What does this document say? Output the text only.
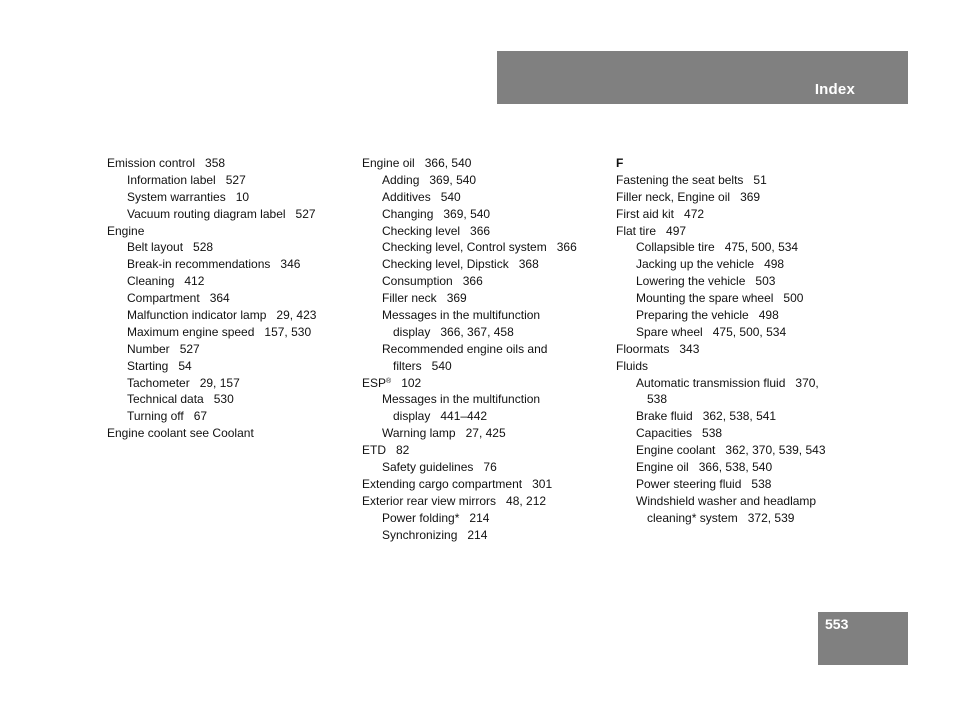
Index
Emission control 358
Information label 527
System warranties 10
Vacuum routing diagram label 527
Engine
Belt layout 528
Break-in recommendations 346
Cleaning 412
Compartment 364
Malfunction indicator lamp 29, 423
Maximum engine speed 157, 530
Number 527
Starting 54
Tachometer 29, 157
Technical data 530
Turning off 67
Engine coolant see Coolant
Engine oil 366, 540
Adding 369, 540
Additives 540
Changing 369, 540
Checking level 366
Checking level, Control system 366
Checking level, Dipstick 368
Consumption 366
Filler neck 369
Messages in the multifunction
display 366, 367, 458
Recommended engine oils and
filters 540
ESP® 102
Messages in the multifunction
display 441–442
Warning lamp 27, 425
ETD 82
Safety guidelines 76
Extending cargo compartment 301
Exterior rear view mirrors 48, 212
Power folding* 214
Synchronizing 214
F
Fastening the seat belts 51
Filler neck, Engine oil 369
First aid kit 472
Flat tire 497
Collapsible tire 475, 500, 534
Jacking up the vehicle 498
Lowering the vehicle 503
Mounting the spare wheel 500
Preparing the vehicle 498
Spare wheel 475, 500, 534
Floormats 343
Fluids
Automatic transmission fluid 370,
538
Brake fluid 362, 538, 541
Capacities 538
Engine coolant 362, 370, 539, 543
Engine oil 366, 538, 540
Power steering fluid 538
Windshield washer and headlamp
cleaning* system 372, 539
553
